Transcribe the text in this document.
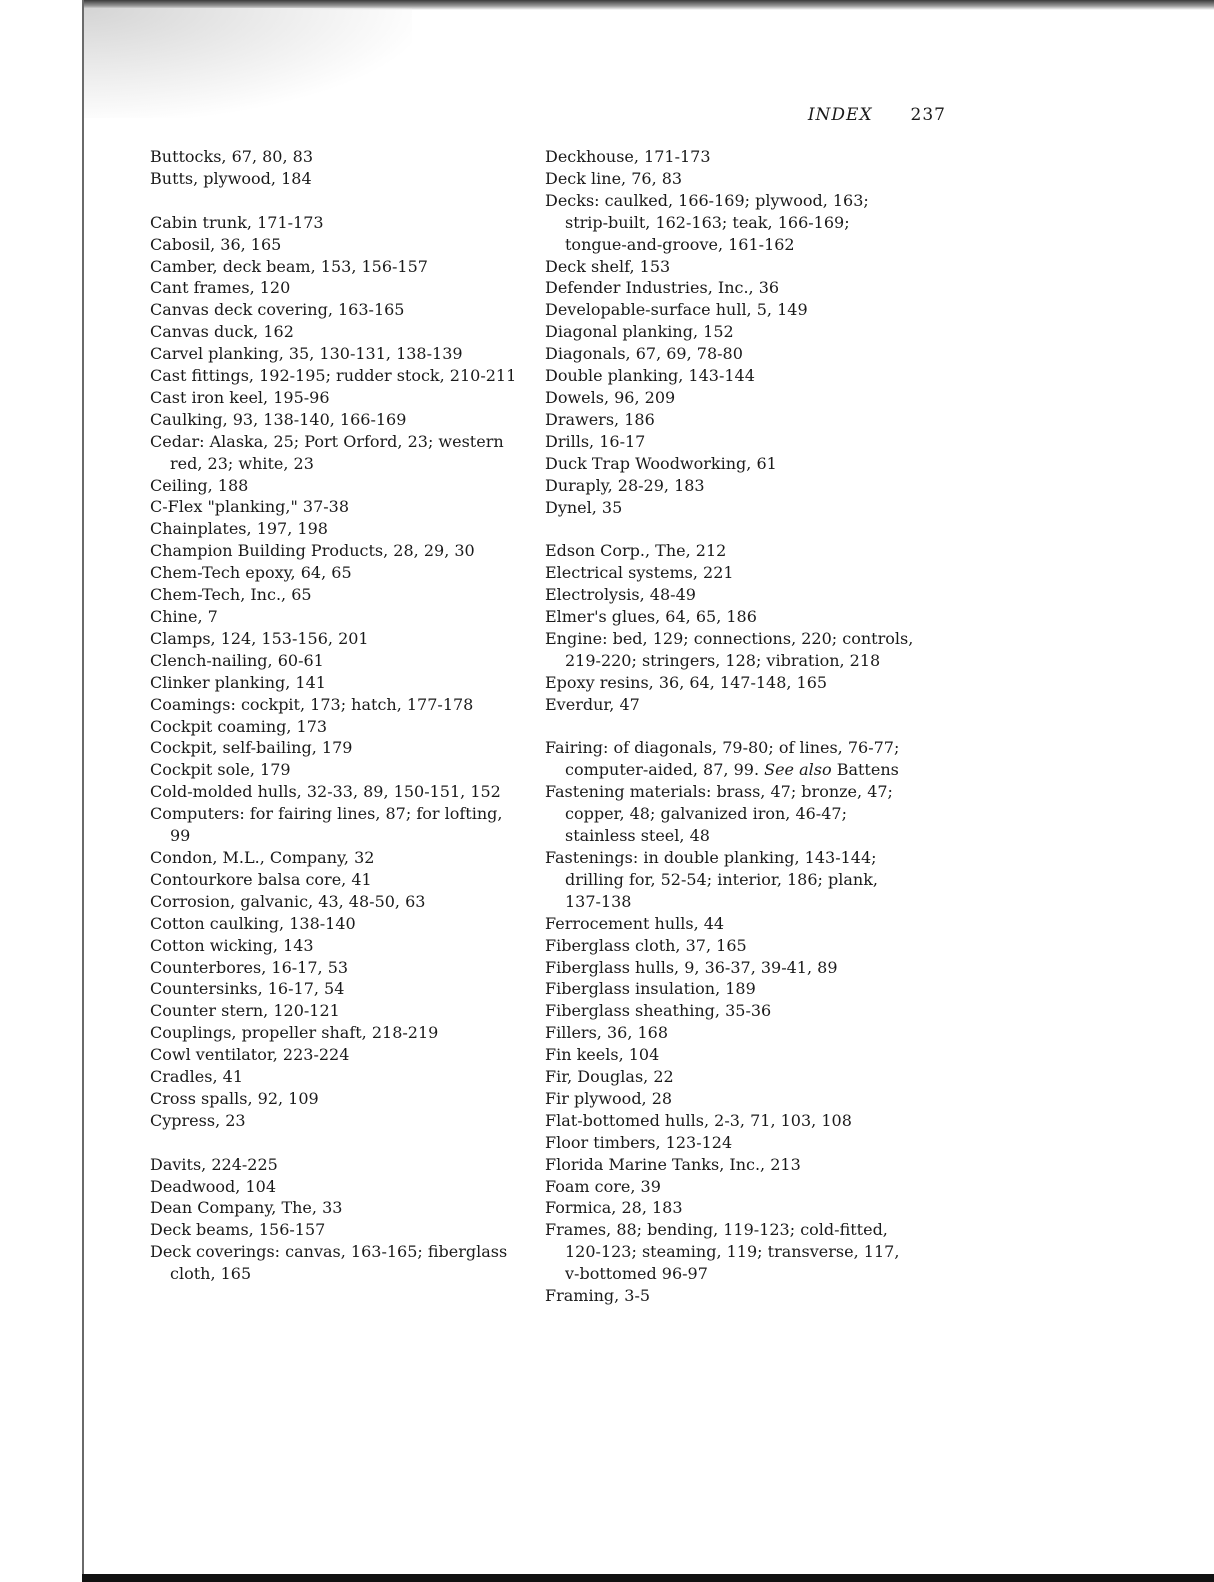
INDEX 237

Buttocks, 67, 80, 83

Butts, plywood, 184

Cabin trunk, 171-173

Cabosil, 36, 165

Camber, deck beam, 153, 156-157

Cant frames, 120

Canvas deck covering, 163-165

Canvas duck, 162

Carvel planking, 35, 130-131, 138-139

Cast fittings, 192-195; rudder stock, 210-211

Cast iron keel, 195-96

Caulking, 93, 138-140, 166-169

Cedar: Alaska, 25; Port Orford, 23; western red, 23; white, 23

Ceiling, 188

C-Flex "planking," 37-38

Chainplates, 197, 198

Champion Building Products, 28, 29, 30

Chem-Tech epoxy, 64, 65

Chem-Tech, Inc., 65

Chine, 7

Clamps, 124, 153-156, 201

Clench-nailing, 60-61

Clinker planking, 141

Coamings: cockpit, 173; hatch, 177-178

Cockpit coaming, 173

Cockpit, self-bailing, 179

Cockpit sole, 179

Cold-molded hulls, 32-33, 89, 150-151, 152

Computers: for fairing lines, 87; for lofting, 99

Condon, M.L., Company, 32

Contourkore balsa core, 41

Corrosion, galvanic, 43, 48-50, 63

Cotton caulking, 138-140

Cotton wicking, 143

Counterbores, 16-17, 53

Countersinks, 16-17, 54

Counter stern, 120-121

Couplings, propeller shaft, 218-219

Cowl ventilator, 223-224

Cradles, 41

Cross spalls, 92, 109

Cypress, 23

Davits, 224-225

Deadwood, 104

Dean Company, The, 33

Deck beams, 156-157

Deck coverings: canvas, 163-165; fiberglass cloth, 165

Deckhouse, 171-173

Deck line, 76, 83

Decks: caulked, 166-169; plywood, 163; strip-built, 162-163; teak, 166-169; tongue-and-groove, 161-162

Deck shelf, 153

Defender Industries, Inc., 36

Developable-surface hull, 5, 149

Diagonal planking, 152

Diagonals, 67, 69, 78-80

Double planking, 143-144

Dowels, 96, 209

Drawers, 186

Drills, 16-17

Duck Trap Woodworking, 61

Duraply, 28-29, 183

Dynel, 35

Edson Corp., The, 212

Electrical systems, 221

Electrolysis, 48-49

Elmer's glues, 64, 65, 186

Engine: bed, 129; connections, 220; controls, 219-220; stringers, 128; vibration, 218

Epoxy resins, 36, 64, 147-148, 165

Everdur, 47

Fairing: of diagonals, 79-80; of lines, 76-77; computer-aided, 87, 99. See also Battens

Fastening materials: brass, 47; bronze, 47; copper, 48; galvanized iron, 46-47; stainless steel, 48

Fastenings: in double planking, 143-144; drilling for, 52-54; interior, 186; plank, 137-138

Ferrocement hulls, 44

Fiberglass cloth, 37, 165

Fiberglass hulls, 9, 36-37, 39-41, 89

Fiberglass insulation, 189

Fiberglass sheathing, 35-36

Fillers, 36, 168

Fin keels, 104

Fir, Douglas, 22

Fir plywood, 28

Flat-bottomed hulls, 2-3, 71, 103, 108

Floor timbers, 123-124

Florida Marine Tanks, Inc., 213

Foam core, 39

Formica, 28, 183

Frames, 88; bending, 119-123; cold-fitted, 120-123; steaming, 119; transverse, 117, v-bottomed 96-97

Framing, 3-5
